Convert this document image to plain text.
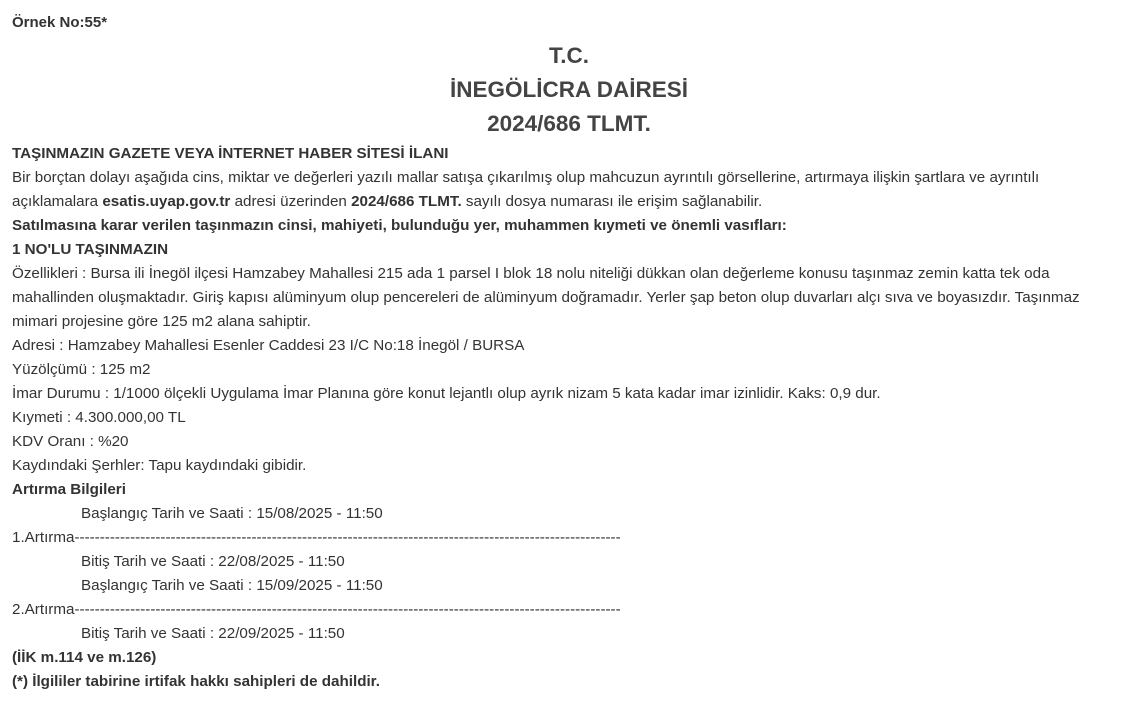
Örnek No:55*
T.C.
İNEGÖLİCRA DAİRESİ
2024/686 TLMT.
TAŞINMAZIN GAZETE VEYA İNTERNET HABER SİTESİ İLANI
Bir borçtan dolayı aşağıda cins, miktar ve değerleri yazılı mallar satışa çıkarılmış olup mahcuzun ayrıntılı görsellerine, artırmaya ilişkin şartlara ve ayrıntılı açıklamalara esatis.uyap.gov.tr adresi üzerinden 2024/686 TLMT. sayılı dosya numarası ile erişim sağlanabilir.
Satılmasına karar verilen taşınmazın cinsi, mahiyeti, bulunduğu yer, muhammen kıymeti ve önemli vasıfları:
1 NO'LU TAŞINMAZIN
Özellikleri : Bursa ili İnegöl ilçesi Hamzabey Mahallesi 215 ada 1 parsel I blok 18 nolu niteliği dükkan olan değerleme konusu taşınmaz zemin katta tek oda mahallinden oluşmaktadır. Giriş kapısı alüminyum olup pencereleri de alüminyum doğramadır. Yerler şap beton olup duvarları alçı sıva ve boyasızdır. Taşınmaz mimari projesine göre 125 m2 alana sahiptir.
Adresi : Hamzabey Mahallesi Esenler Caddesi 23 I/C No:18 İnegöl / BURSA
Yüzölçümü : 125 m2
İmar Durumu : 1/1000 ölçekli Uygulama İmar Planına göre konut lejantlı olup ayrık nizam 5 kata kadar imar izinlidir. Kaks: 0,9 dur.
Kıymeti : 4.300.000,00 TL
KDV Oranı : %20
Kaydındaki Şerhler: Tapu kaydındaki gibidir.
Artırma Bilgileri
Başlangıç Tarih ve Saati : 15/08/2025 - 11:50
1.Artırma------------------------------------------------------------------------------------------------------------
Bitiş Tarih ve Saati : 22/08/2025 - 11:50
Başlangıç Tarih ve Saati : 15/09/2025 - 11:50
2.Artırma------------------------------------------------------------------------------------------------------------
Bitiş Tarih ve Saati : 22/09/2025 - 11:50
(İİK m.114 ve m.126)
(*) İlgililer tabirine irtifak hakkı sahipleri de dahildir.
